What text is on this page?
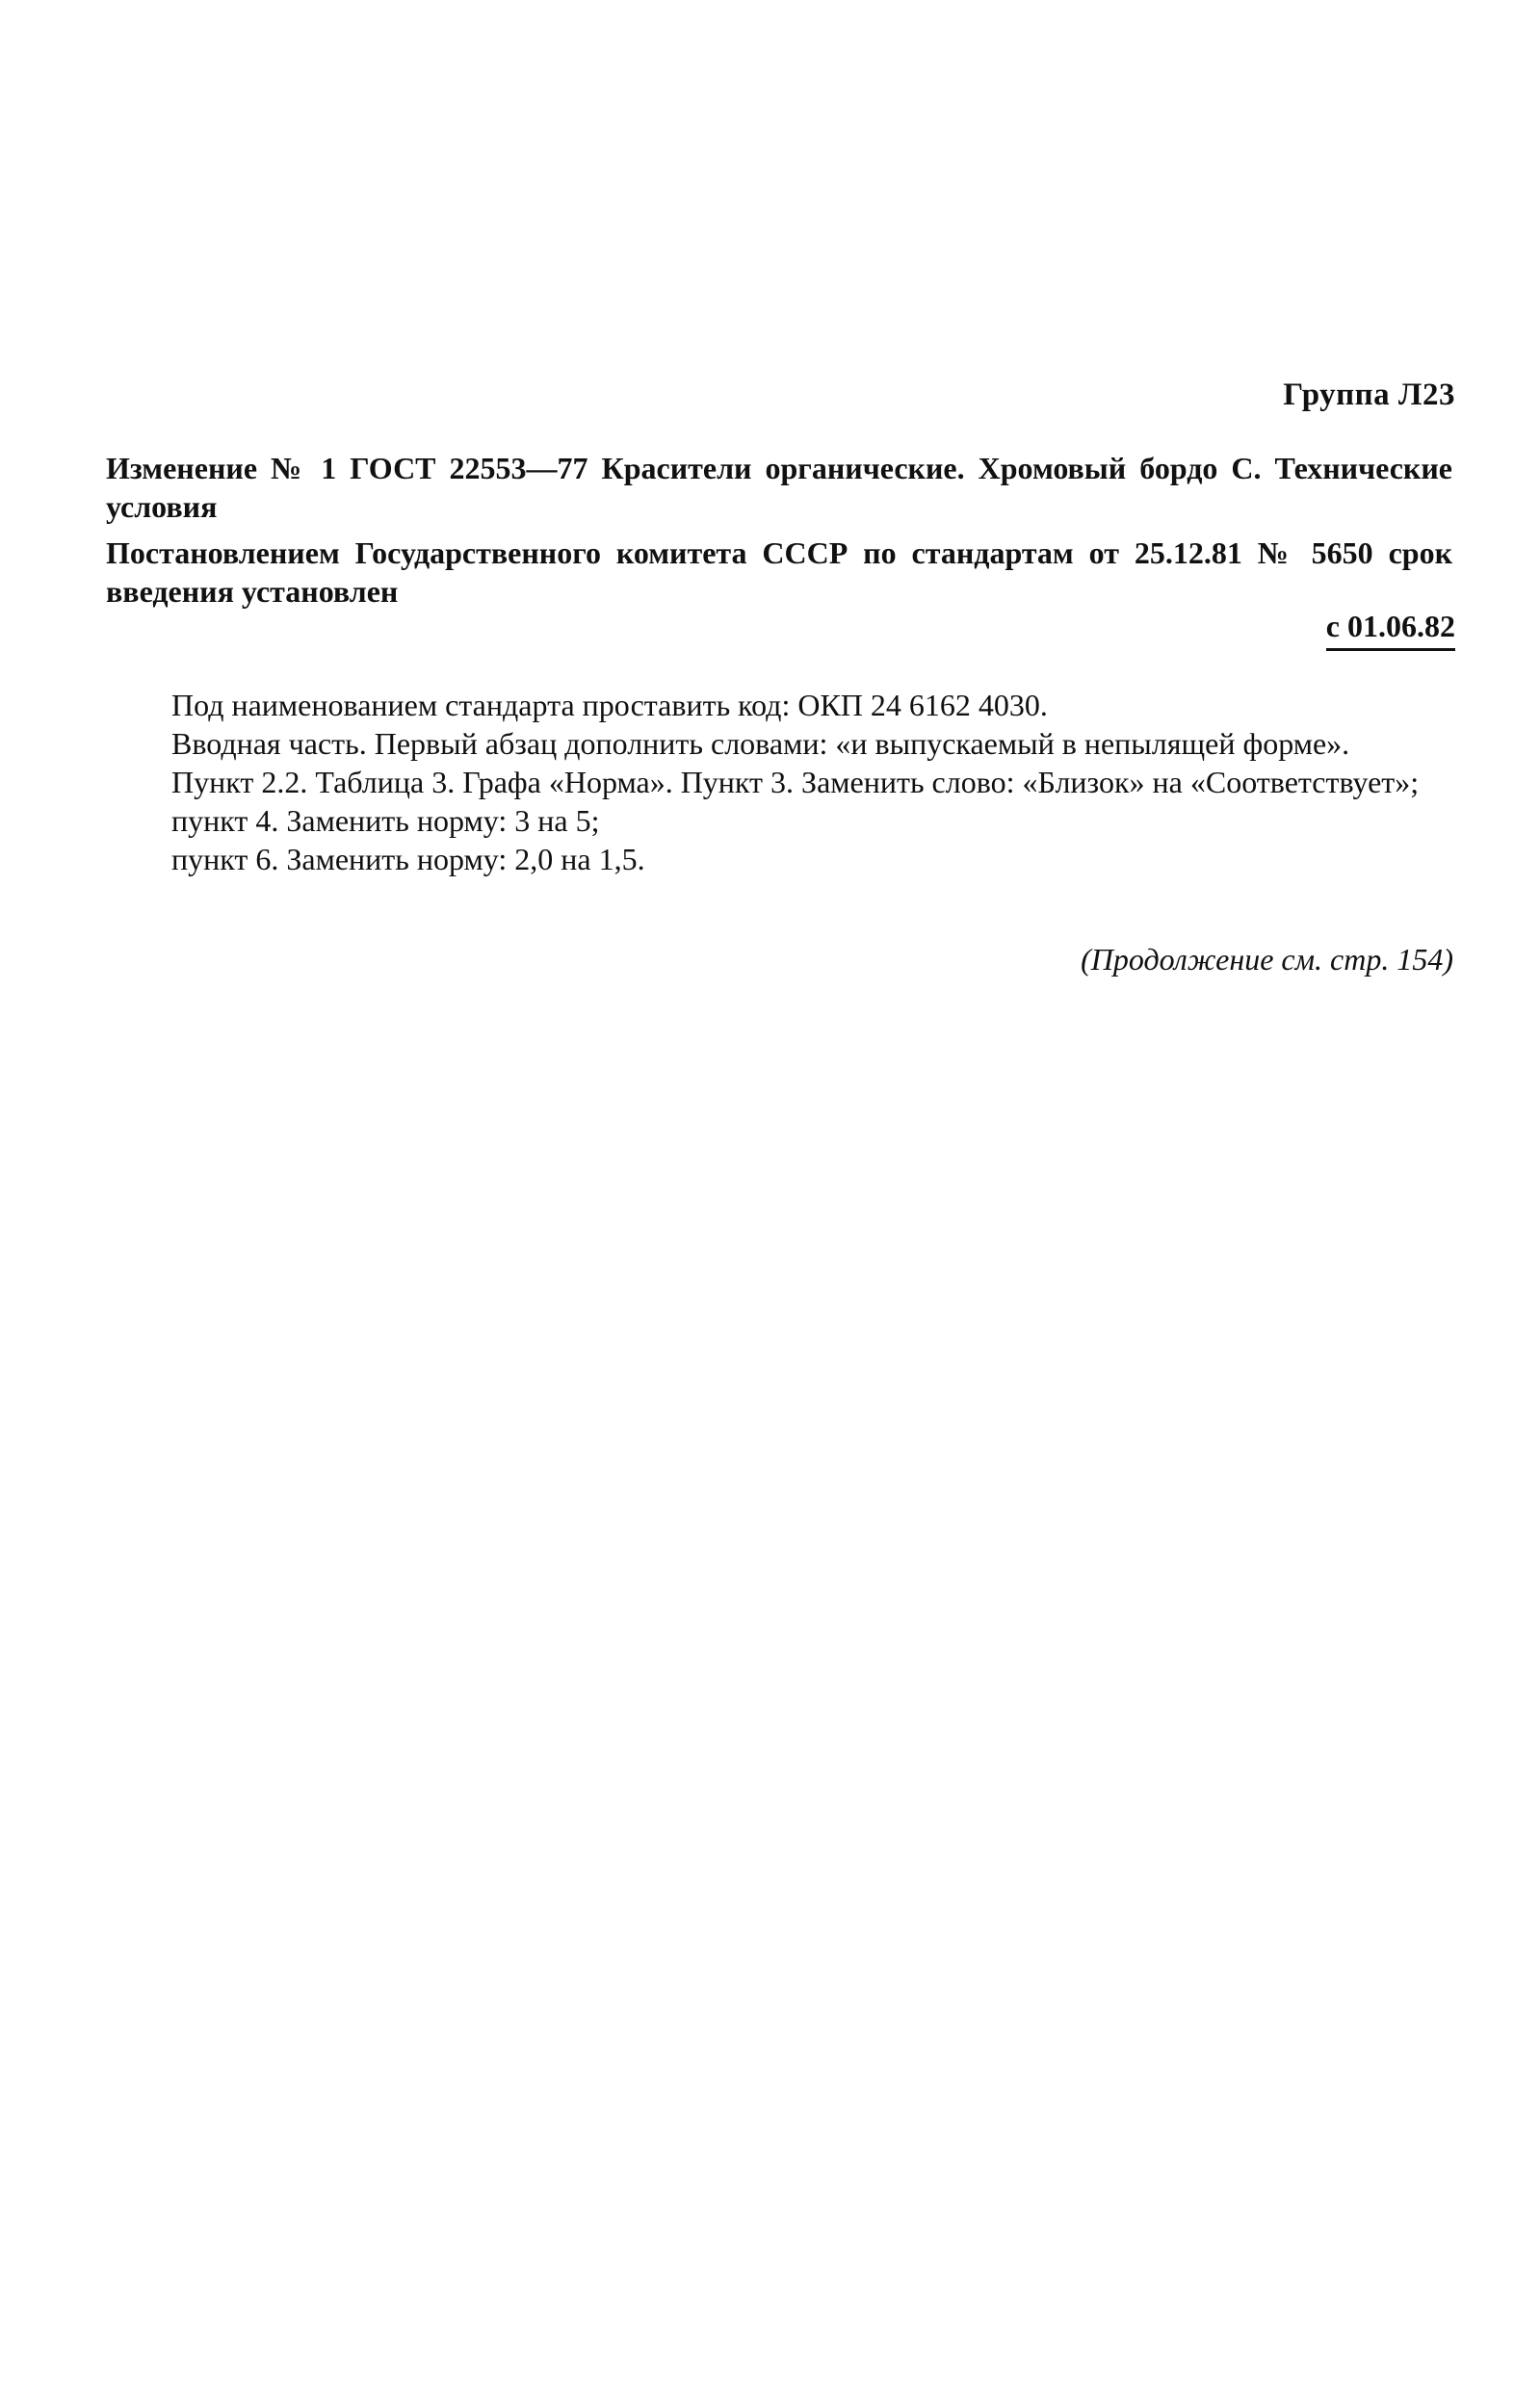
Группа Л23
Изменение № 1 ГОСТ 22553—77 Красители органические. Хромовый бордо С. Технические условия
Постановлением Государственного комитета СССР по стандартам от 25.12.81 № 5650 срок введения установлен
с 01.06.82

Под наименованием стандарта проставить код: ОКП 24 6162 4030.

Вводная часть. Первый абзац дополнить словами: «и выпускаемый в непылящей форме».

Пункт 2.2. Таблица 3. Графа «Норма». Пункт 3. Заменить слово: «Близок» на «Соответствует»;

пункт 4. Заменить норму: 3 на 5;

пункт 6. Заменить норму: 2,0 на 1,5.

(Продолжение см. стр. 154)
